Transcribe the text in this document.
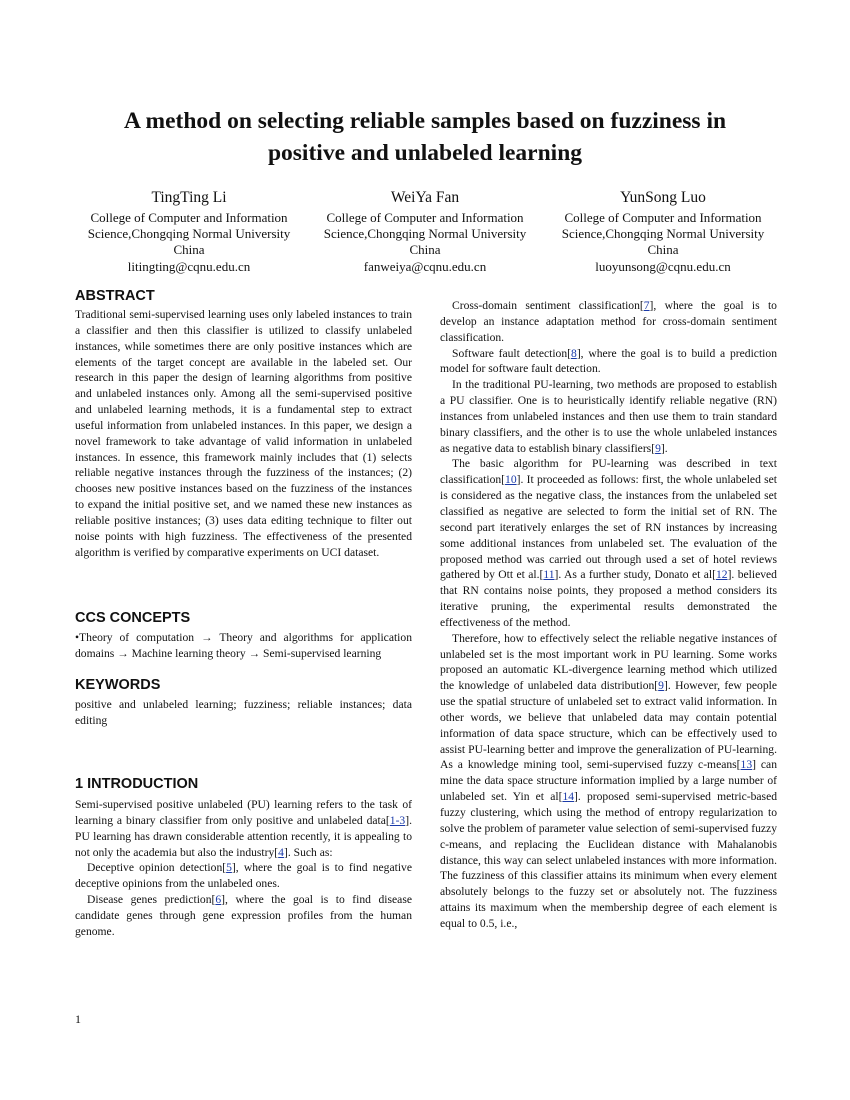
A method on selecting reliable samples based on fuzziness in
positive and unlabeled learning
TingTing Li
College of Computer and Information
Science,Chongqing Normal University
China
litingting@cqnu.edu.cn
WeiYa Fan
College of Computer and Information
Science,Chongqing Normal University
China
fanweiya@cqnu.edu.cn
YunSong Luo
College of Computer and Information
Science,Chongqing Normal University
China
luoyunsong@cqnu.edu.cn
ABSTRACT

Traditional semi-supervised learning uses only labeled instances to train a classifier and then this classifier is utilized to classify unlabeled instances, while sometimes there are only positive instances which are elements of the target concept are available in the labeled set. Our research in this paper the design of learning algorithms from positive and unlabeled instances only. Among all the semi-supervised positive and unlabeled learning methods, it is a fundamental step to extract useful information from unlabeled instances. In this paper, we design a novel framework to take advantage of valid information in unlabeled instances. In essence, this framework mainly includes that (1) selects reliable negative instances through the fuzziness of the instances; (2) chooses new positive instances based on the fuzziness of the instances to expand the initial positive set, and we named these new instances as reliable positive instances; (3) uses data editing technique to filter out noise points with high fuzziness. The effectiveness of the presented algorithm is verified by comparative experiments on UCI dataset.

CCS CONCEPTS

•Theory of computation → Theory and algorithms for application domains → Machine learning theory → Semi-supervised learning

KEYWORDS

positive and unlabeled learning; fuzziness; reliable instances; data editing

1 INTRODUCTION

Semi-supervised positive unlabeled (PU) learning refers to the task of learning a binary classifier from only positive and unlabeled data[1-3]. PU learning has drawn considerable attention recently, it is appealing to not only the academia but also the industry[4]. Such as:

Deceptive opinion detection[5], where the goal is to find negative deceptive opinions from the unlabeled ones.

Disease genes prediction[6], where the goal is to find disease candidate genes through gene expression profiles from the human genome.

Cross-domain sentiment classification[7], where the goal is to develop an instance adaptation method for cross-domain sentiment classification.

Software fault detection[8], where the goal is to build a prediction model for software fault detection.

In the traditional PU-learning, two methods are proposed to establish a PU classifier. One is to heuristically identify reliable negative (RN) instances from unlabeled instances and then use them to train standard binary classifiers, and the other is to use the whole unlabeled instances as negative data to establish binary classifiers[9].

The basic algorithm for PU-learning was described in text classification[10]. It proceeded as follows: first, the whole unlabeled set is considered as the negative class, the instances from the unlabeled set classified as negative are selected to form the initial set of RN. The second part iteratively enlarges the set of RN instances by increasing some additional instances from unlabeled set. The evaluation of the proposed method was carried out through used a set of hotel reviews gathered by Ott et al.[11]. As a further study, Donato et al[12]. believed that RN contains noise points, they proposed a method considers its iterative pruning, the experimental results demonstrated the effectiveness of the method.

Therefore, how to effectively select the reliable negative instances of unlabeled set is the most important work in PU learning. Some works proposed an automatic KL-divergence learning method which utilized the knowledge of unlabeled data distribution[9]. However, few people use the spatial structure of unlabeled set to extract valid information. In other words, we believe that unlabeled data may contain potential information of data space structure, which can be effectively used to assist PU-learning better and improve the generalization of PU-learning. As a knowledge mining tool, semi-supervised fuzzy c-means[13] can mine the data space structure information implied by a large number of unlabeled set. Yin et al[14]. proposed semi-supervised metric-based fuzzy clustering, which using the method of entropy regularization to solve the problem of parameter value selection of semi-supervised fuzzy c-means, and replacing the Euclidean distance with Mahalanobis distance, this way can select unlabeled instances with more information. The fuzziness of this classifier attains its minimum when every element absolutely belongs to the fuzzy set or absolutely not. The fuzziness attains its maximum when the membership degree of each element is equal to 0.5, i.e.,

1
